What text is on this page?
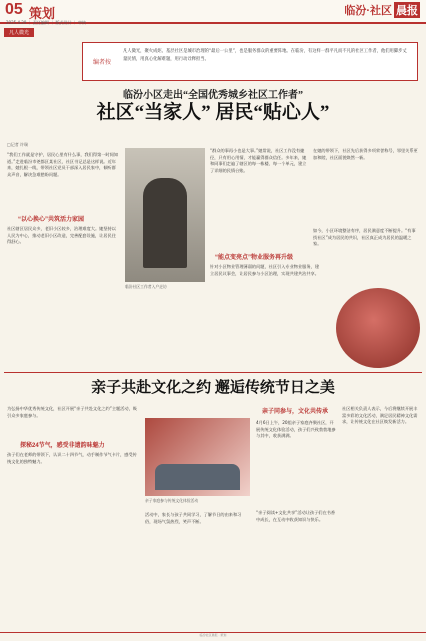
05 策划
2025.4.29 ｜ 责任编辑 ｜ 版式设计 ｜ 审核
临汾·社区 晨报
凡人微光
编者按
凡人微光，聚火成炬。基层社区是城市治理的“最后一公里”，也是服务群众的重要阵地。在临汾，有这样一群平凡而不凡的社区工作者，他们用脚步丈量民情，用真心化解难题，用行动诠释担当。
临汾小区走出“全国优秀城乡社区工作者”
社区“当家人” 居民“贴心人”
□记者 许瑞

“我们工作就是守护，居民心里有什么事，我们得第一时间知道。”走进临汾市尧都区某社区，社区书记总是这样说。近年来，她扎根一线，带领社区党员干部深入居民家中，倾听群众声音，解决急难愁盼问题。

“以心换心”共筑活力家园

社区辖区居民众多，老旧小区较多，治理难度大。她坚持以人民为中心，推动老旧小区改造，完善配套设施，让居民住得舒心。

临汾社区工作者入户走访

“群众的事再小也是大事。”她常说，社区工作没有捷径，只有用心用情，才能赢得群众信任。多年来，她和同事们走遍了辖区的每一栋楼、每一个单元，建立了详细的民情台账。

在她的带领下，社区先后获得多项荣誉称号，邻里关系更加和睦，社区面貌焕然一新。

“能点变亮点”物业服务再升级

针对小区物业管理薄弱的问题，社区引入专业物业服务，建立居民议事会，让居民参与小区治理，实现共建共治共享。

如今，小区环境整洁有序，居民满意度不断提升。“有事找社区”成为居民的共识，社区真正成为居民的温暖之家。

亲子共赴文化之约 邂逅传统节日之美

为弘扬中华优秀传统文化，社区开展“亲子共赴文化之约”主题活动，吸引众多家庭参与。

探秘24节气，感受非遗韵味魅力

孩子们在老师的带领下，认识二十四节气，动手制作节气卡片，感受传统文化的独特魅力。

亲子家庭参与传统文化体验活动

活动中，家长与孩子共同学习，了解节日的由来和习俗，现场气氛热烈，笑声不断。

亲子同参与，文化共传承

4月6日上午，20组亲子家庭齐聚社区，开展传统文化体验活动，孩子们兴致勃勃地参与其中，收获满满。

“亲子阅读+文化共享”活动让孩子们在书香中成长，在互动中收获知识与快乐。

社区相关负责人表示，今后将继续开展丰富多彩的文化活动，满足居民精神文化需求，让传统文化在社区焕发新活力。

临汾社区晨报 · 策划
